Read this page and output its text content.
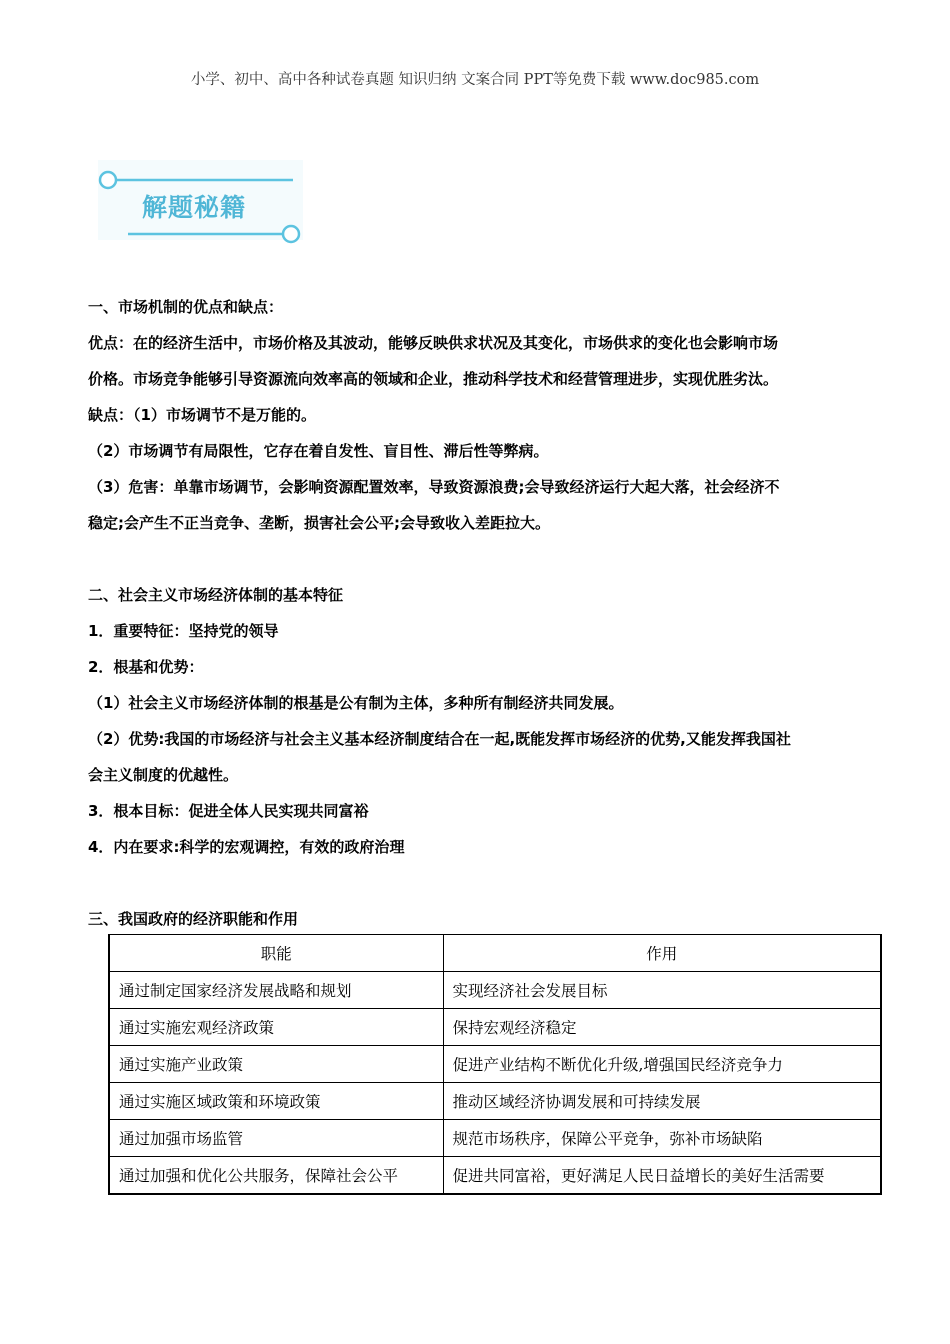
小学、初中、高中各种试卷真题 知识归纳 文案合同 PPT等免费下载 www.doc985.com
解题秘籍
一、市场机制的优点和缺点：
优点：在的经济生活中，市场价格及其波动，能够反映供求状况及其变化，市场供求的变化也会影响市场
价格。市场竞争能够引导资源流向效率高的领域和企业，推动科学技术和经营管理进步，实现优胜劣汰。
缺点：（1）市场调节不是万能的。
（2）市场调节有局限性，它存在着自发性、盲目性、滞后性等弊病。
（3）危害：单靠市场调节，会影响资源配置效率，导致资源浪费;会导致经济运行大起大落，社会经济不
稳定;会产生不正当竞争、垄断，损害社会公平;会导致收入差距拉大。
二、社会主义市场经济体制的基本特征
1．重要特征：坚持党的领导
2．根基和优势：
（1）社会主义市场经济体制的根基是公有制为主体，多种所有制经济共同发展。
（2）优势:我国的市场经济与社会主义基本经济制度结合在一起,既能发挥市场经济的优势,又能发挥我国社
会主义制度的优越性。
3．根本目标：促进全体人民实现共同富裕
4．内在要求:科学的宏观调控，有效的政府治理
三、我国政府的经济职能和作用
职能	作用
通过制定国家经济发展战略和规划	实现经济社会发展目标
通过实施宏观经济政策	保持宏观经济稳定
通过实施产业政策	促进产业结构不断优化升级,增强国民经济竞争力
通过实施区域政策和环境政策	推动区域经济协调发展和可持续发展
通过加强市场监管	规范市场秩序，保障公平竞争，弥补市场缺陷
通过加强和优化公共服务，保障社会公平	促进共同富裕，更好满足人民日益增长的美好生活需要
